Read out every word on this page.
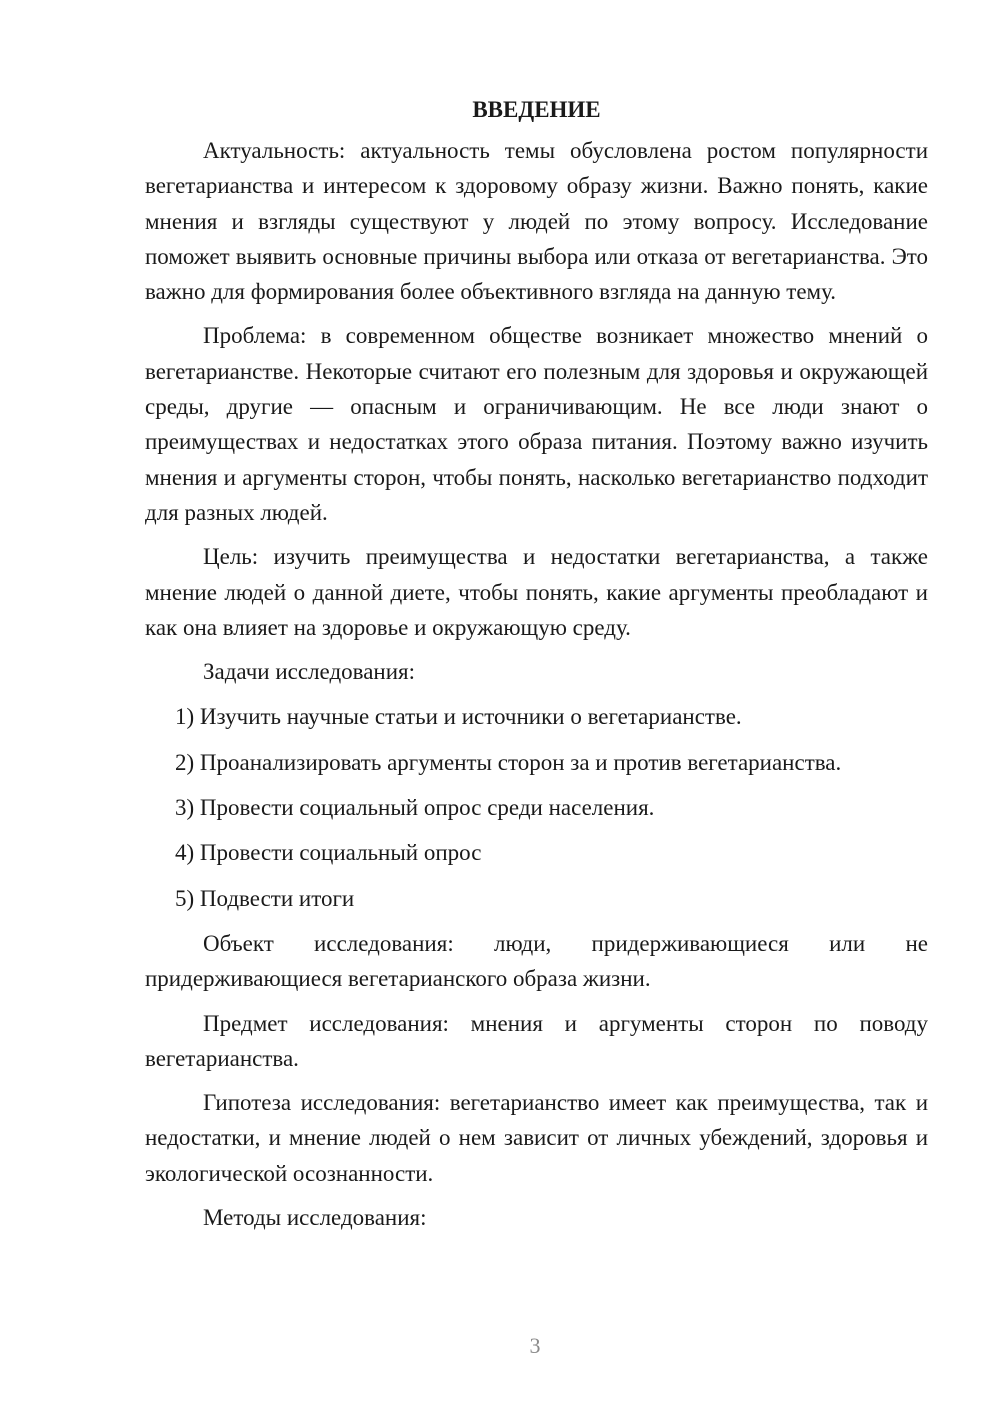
ВВЕДЕНИЕ

Актуальность: актуальность темы обусловлена ростом популярности вегетарианства и интересом к здоровому образу жизни. Важно понять, какие мнения и взгляды существуют у людей по этому вопросу. Исследование поможет выявить основные причины выбора или отказа от вегетарианства. Это важно для формирования более объективного взгляда на данную тему.

Проблема: в современном обществе возникает множество мнений о вегетарианстве. Некоторые считают его полезным для здоровья и окружающей среды, другие — опасным и ограничивающим. Не все люди знают о преимуществах и недостатках этого образа питания. Поэтому важно изучить мнения и аргументы сторон, чтобы понять, насколько вегетарианство подходит для разных людей.

Цель: изучить преимущества и недостатки вегетарианства, а также мнение людей о данной диете, чтобы понять, какие аргументы преобладают и как она влияет на здоровье и окружающую среду.

Задачи исследования:

1) Изучить научные статьи и источники о вегетарианстве.

2) Проанализировать аргументы сторон за и против вегетарианства.

3) Провести социальный опрос среди населения.

4) Провести социальный опрос

5) Подвести итоги

Объект исследования: люди, придерживающиеся или не придерживающиеся вегетарианского образа жизни.

Предмет исследования: мнения и аргументы сторон по поводу вегетарианства.

Гипотеза исследования: вегетарианство имеет как преимущества, так и недостатки, и мнение людей о нем зависит от личных убеждений, здоровья и экологической осознанности.

Методы исследования:

3
